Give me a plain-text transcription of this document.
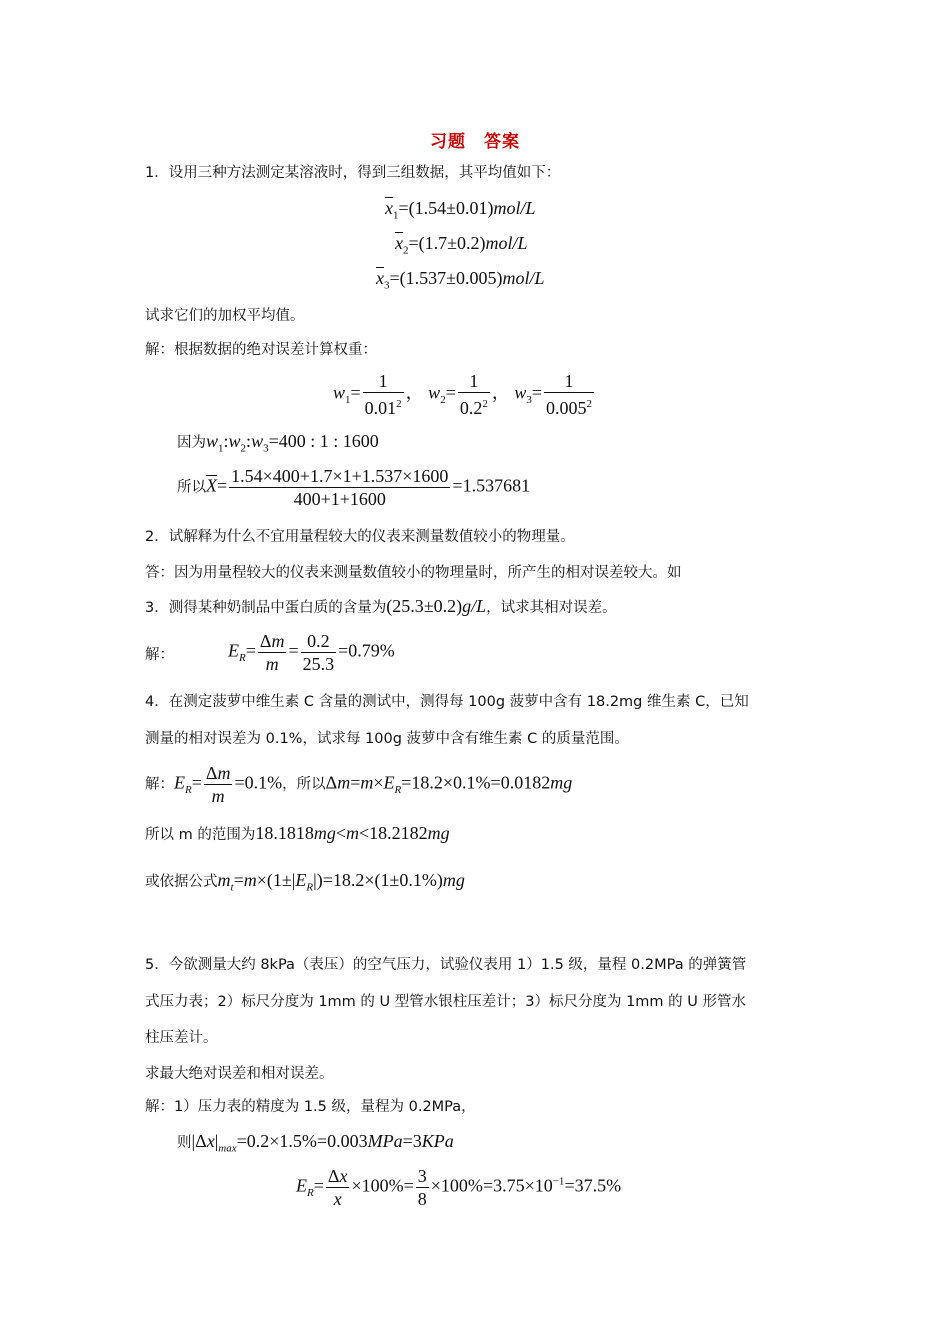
习题　答案
1．设用三种方法测定某溶液时，得到三组数据，其平均值如下：
$\overline{x}_1=(1.54\pm 0.01)mol/L$
$\overline{x}_2=(1.7\pm 0.2)mol/L$
$\overline{x}_3=(1.537\pm 0.005)mol/L$
试求它们的加权平均值。
解：根据数据的绝对误差计算权重：
$w_1= \frac{1}{0.01^2}$ ， $w_2= \frac{1}{0.2^2}$ ， $w_3= \frac{1}{0.005^2}$
因为$w_1:w_2:w_3=400$ : 1 : 1600
所以$\overline{X}= \frac{1.54\times 400+1.7\times 1+1.537\times 1600}{400+1+1600} =1.537681$
2．试解释为什么不宜用量程较大的仪表来测量数值较小的物理量。
答：因为用量程较大的仪表来测量数值较小的物理量时，所产生的相对误差较大。如
3．测得某种奶制品中蛋白质的含量为(25.3±0.2)g/L，试求其相对误差。
解：	$E_R= \frac{\Delta m}{m} = \frac{0.2}{25.3} =0.79\%$
4．在测定菠萝中维生素 C 含量的测试中，测得每 100g 菠萝中含有 18.2mg 维生素 C，已知
测量的相对误差为 0.1%，试求每 100g 菠萝中含有维生素 C 的质量范围。
解：$E_R= \frac{\Delta m}{m} =0.1\%$，所以$\Delta m=m\times E_R=18.2\times 0.1\%=0.0182mg$
所以 m 的范围为18.1818mg<m<18.2182mg
或依据公式$m_t=m\times(1\pm|E_R|)=18.2\times(1\pm 0.1\%)mg$
5．今欲测量大约 8kPa（表压）的空气压力，试验仪表用 1）1.5 级，量程 0.2MPa 的弹簧管
式压力表；2）标尺分度为 1mm 的 U 型管水银柱压差计；3）标尺分度为 1mm 的 U 形管水
柱压差计。
求最大绝对误差和相对误差。
解：1）压力表的精度为 1.5 级，量程为 0.2MPa，
则$|\Delta x|_{max}=0.2\times 1.5\%=0.003MPa=3KPa$
$E_R= \frac{\Delta x}{x} \times 100\%= \frac{3}{8} \times 100\%=3.75\times 10^{-1}=37.5\%$
